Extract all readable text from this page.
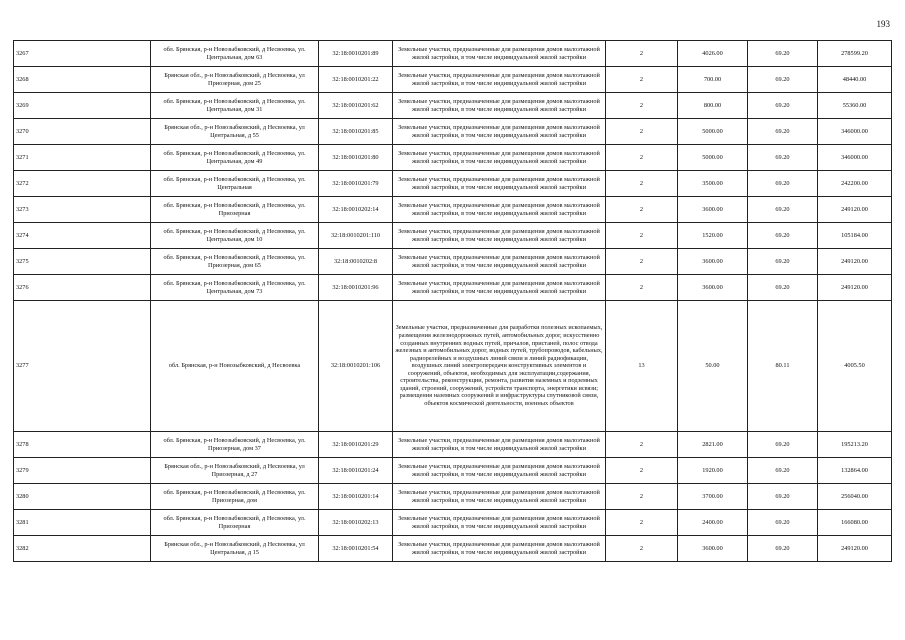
193
3267	обл. Брянская, р-н Новозыбковский, д Несвоевка, ул. Центральная, дом 63	32:18:0010201:89	Земельные участки, предназначенные для размещения домов малоэтажной жилой застройки, в том числе индивидуальной жилой застройки	2	4026.00	69.20	278599.20
3268	Брянская обл., р-н Новозыбковский, д Несвоевка, ул Приозерная, дом 25	32:18:0010201:22	Земельные участки, предназначенные для размещения домов малоэтажной жилой застройки, в том числе индивидуальной жилой застройки	2	700.00	69.20	48440.00
3269	обл. Брянская, р-н Новозыбковский, д Несвоевка, ул. Центральная, дом 31	32:18:0010201:62	Земельные участки, предназначенные для размещения домов малоэтажной жилой застройки, в том числе индивидуальной жилой застройки	2	800.00	69.20	55360.00
3270	Брянская обл., р-н Новозыбковский, д Несвоевка, ул Центральная, д 55	32:18:0010201:85	Земельные участки, предназначенные для размещения домов малоэтажной жилой застройки, в том числе индивидуальной жилой застройки	2	5000.00	69.20	346000.00
3271	обл. Брянская, р-н Новозыбковский, д Несвоевка, ул. Центральная, дом 49	32:18:0010201:80	Земельные участки, предназначенные для размещения домов малоэтажной жилой застройки, в том числе индивидуальной жилой застройки	2	5000.00	69.20	346000.00
3272	обл. Брянская, р-н Новозыбковский, д Несвоевка, ул. Центральная	32:18:0010201:79	Земельные участки, предназначенные для размещения домов малоэтажной жилой застройки, в том числе индивидуальной жилой застройки	2	3500.00	69.20	242200.00
3273	обл. Брянская, р-н Новозыбковский, д Несвоевка, ул. Приозерная	32:18:0010202:14	Земельные участки, предназначенные для размещения домов малоэтажной жилой застройки, в том числе индивидуальной жилой застройки	2	3600.00	69.20	249120.00
3274	обл. Брянская, р-н Новозыбковский, д Несвоевка, ул. Центральная, дом 10	32:18:0010201:110	Земельные участки, предназначенные для размещения домов малоэтажной жилой застройки, в том числе индивидуальной жилой застройки	2	1520.00	69.20	105184.00
3275	обл. Брянская, р-н Новозыбковский, д Несвоевка, ул. Приозерная, дом 65	32:18:0010202:8	Земельные участки, предназначенные для размещения домов малоэтажной жилой застройки, в том числе индивидуальной жилой застройки	2	3600.00	69.20	249120.00
3276	обл. Брянская, р-н Новозыбковский, д Несвоевка, ул. Центральная, дом 73	32:18:0010201:96	Земельные участки, предназначенные для размещения домов малоэтажной жилой застройки, в том числе индивидуальной жилой застройки	2	3600.00	69.20	249120.00
3277	обл. Брянская, р-н Новозыбковский, д Несвоевка	32:18:0010201:106	Земельные участки, предназначенные для разработки полезных ископаемых, размещения железнодорожных путей, автомобильных дорог, искусственно созданных внутренних водных путей, причалов, пристаней, полос отвода железных и автомобильных дорог, водных путей, трубопроводов, кабельных, радиорелейных и воздушных линий связи и линий радиофикации, воздушных линий электропередачи конструктивных элементов и сооружений, объектов, необходимых для эксплуатации,содержания, строительства, реконструкции, ремонта, развития наземных и подземных зданий, строений, сооружений, устройств транспорта, энергетики исвязи; размещения наземных сооружений и инфраструктуры спутниковой связи, объектов космической деятельности, военных объектов	13	50.00	80.11	4005.50
3278	обл. Брянская, р-н Новозыбковский, д Несвоевка, ул. Приозерная, дом 37	32:18:0010201:29	Земельные участки, предназначенные для размещения домов малоэтажной жилой застройки, в том числе индивидуальной жилой застройки	2	2821.00	69.20	195213.20
3279	Брянская обл., р-н Новозыбковский, д Несвоевка, ул Приозерная, д 27	32:18:0010201:24	Земельные участки, предназначенные для размещения домов малоэтажной жилой застройки, в том числе индивидуальной жилой застройки	2	1920.00	69.20	132864.00
3280	обл. Брянская, р-н Новозыбковский, д Несвоевка, ул. Приозерная, дом	32:18:0010201:14	Земельные участки, предназначенные для размещения домов малоэтажной жилой застройки, в том числе индивидуальной жилой застройки	2	3700.00	69.20	256040.00
3281	обл. Брянская, р-н Новозыбковский, д Несвоевка, ул. Приозерная	32:18:0010202:13	Земельные участки, предназначенные для размещения домов малоэтажной жилой застройки, в том числе индивидуальной жилой застройки	2	2400.00	69.20	166080.00
3282	Брянская обл., р-н Новозыбковский, д Несвоевка, ул Центральная, д 15	32:18:0010201:54	Земельные участки, предназначенные для размещения домов малоэтажной жилой застройки, в том числе индивидуальной жилой застройки	2	3600.00	69.20	249120.00
